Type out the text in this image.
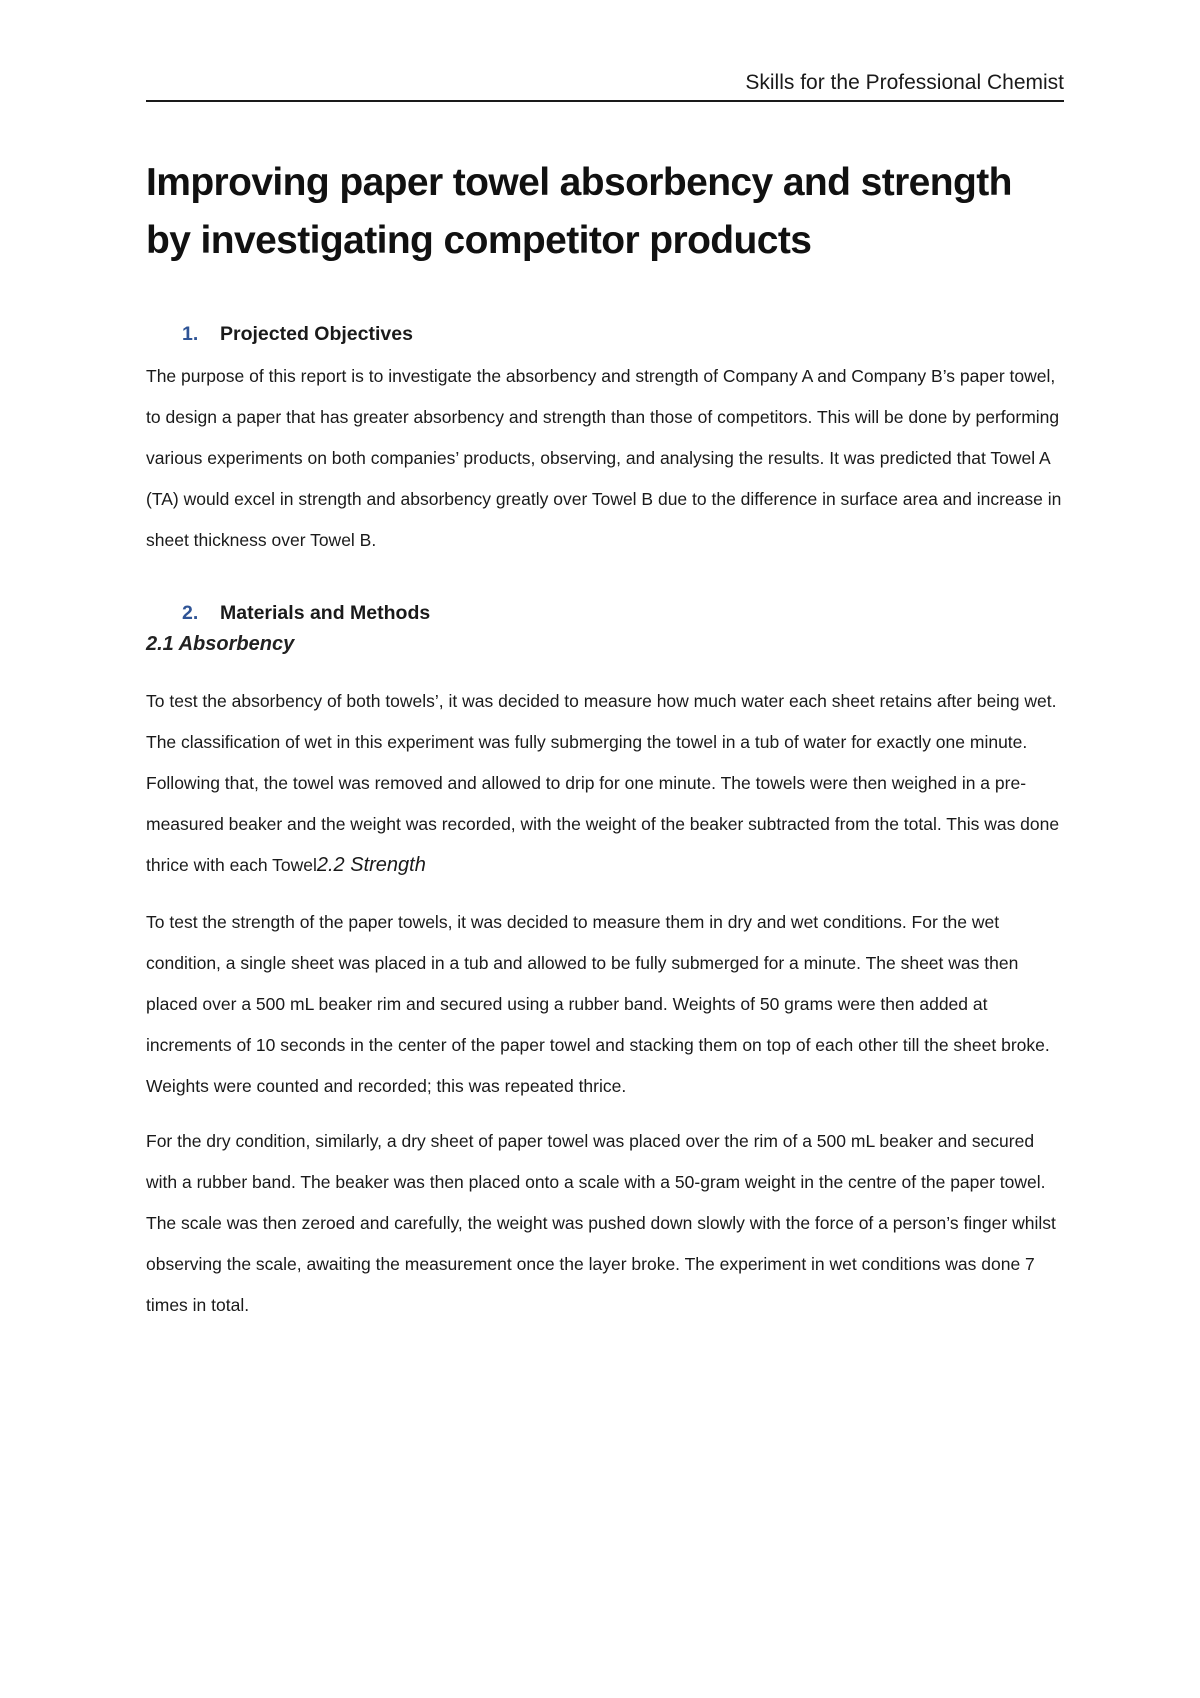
Skills for the Professional Chemist
Improving paper towel absorbency and strength by investigating competitor products
1.	Projected Objectives

The purpose of this report is to investigate the absorbency and strength of Company A and Company B’s paper towel, to design a paper that has greater absorbency and strength than those of competitors. This will be done by performing various experiments on both companies’ products, observing, and analysing the results. It was predicted that Towel A (TA) would excel in strength and absorbency greatly over Towel B due to the difference in surface area and increase in sheet thickness over Towel B.

2.	Materials and Methods
2.1 Absorbency

To test the absorbency of both towels’, it was decided to measure how much water each sheet retains after being wet. The classification of wet in this experiment was fully submerging the towel in a tub of water for exactly one minute. Following that, the towel was removed and allowed to drip for one minute. The towels were then weighed in a pre-measured beaker and the weight was recorded, with the weight of the beaker subtracted from the total. This was done thrice with each Towel2.2 Strength

To test the strength of the paper towels, it was decided to measure them in dry and wet conditions. For the wet condition, a single sheet was placed in a tub and allowed to be fully submerged for a minute. The sheet was then placed over a 500 mL beaker rim and secured using a rubber band. Weights of 50 grams were then added at increments of 10 seconds in the center of the paper towel and stacking them on top of each other till the sheet broke. Weights were counted and recorded; this was repeated thrice.

For the dry condition, similarly, a dry sheet of paper towel was placed over the rim of a 500 mL beaker and secured with a rubber band. The beaker was then placed onto a scale with a 50-gram weight in the centre of the paper towel. The scale was then zeroed and carefully, the weight was pushed down slowly with the force of a person’s finger whilst observing the scale, awaiting the measurement once the layer broke. The experiment in wet conditions was done 7 times in total.
